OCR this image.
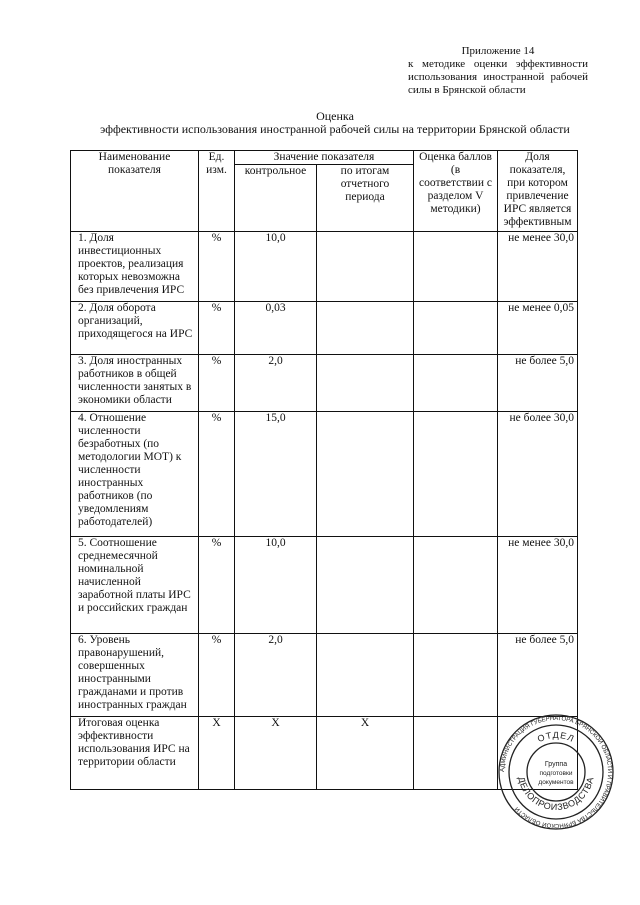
Приложение 14
к методике оценки эффективности
использования иностранной рабочей
силы в Брянской области
Оценка
эффективности использования иностранной рабочей силы на территории Брянской области
Наименование показателя	Ед. изм.	Значение показателя		Оценка баллов (в соответствии с разделом V методики)	Доля показателя, при котором привлечение ИРС является эффективным
		контрольное	по итогам отчетного периода		
1. Доля инвестиционных проектов, реализация которых невозможна без привлечения ИРС	%	10,0			не менее 30,0
2. Доля оборота организаций, приходящегося на ИРС	%	0,03			не менее 0,05
3. Доля иностранных работников в общей численности занятых в экономики области	%	2,0			не более 5,0
4. Отношение численности безработных (по методологии МОТ) к численности иностранных работников (по уведомлениям работодателей)	%	15,0			не более 30,0
5. Соотношение среднемесячной номинальной начисленной заработной платы ИРС и российских граждан	%	10,0			не менее 30,0
6. Уровень правонарушений, совершенных иностранными гражданами и против иностранных граждан	%	2,0			не более 5,0
Итоговая оценка эффективности использования ИРС на территории области	Х	Х	Х		
АДМИНИСТРАЦИЯ ГУБЕРНАТОРА БРЯНСКОЙ ОБЛАСТИ И ПРАВИТЕЛЬСТВА БРЯНСКОЙ ОБЛАСТИ
ОТДЕЛ
ДЕЛОПРОИЗВОДСТВА
Группа
подготовки
документов
